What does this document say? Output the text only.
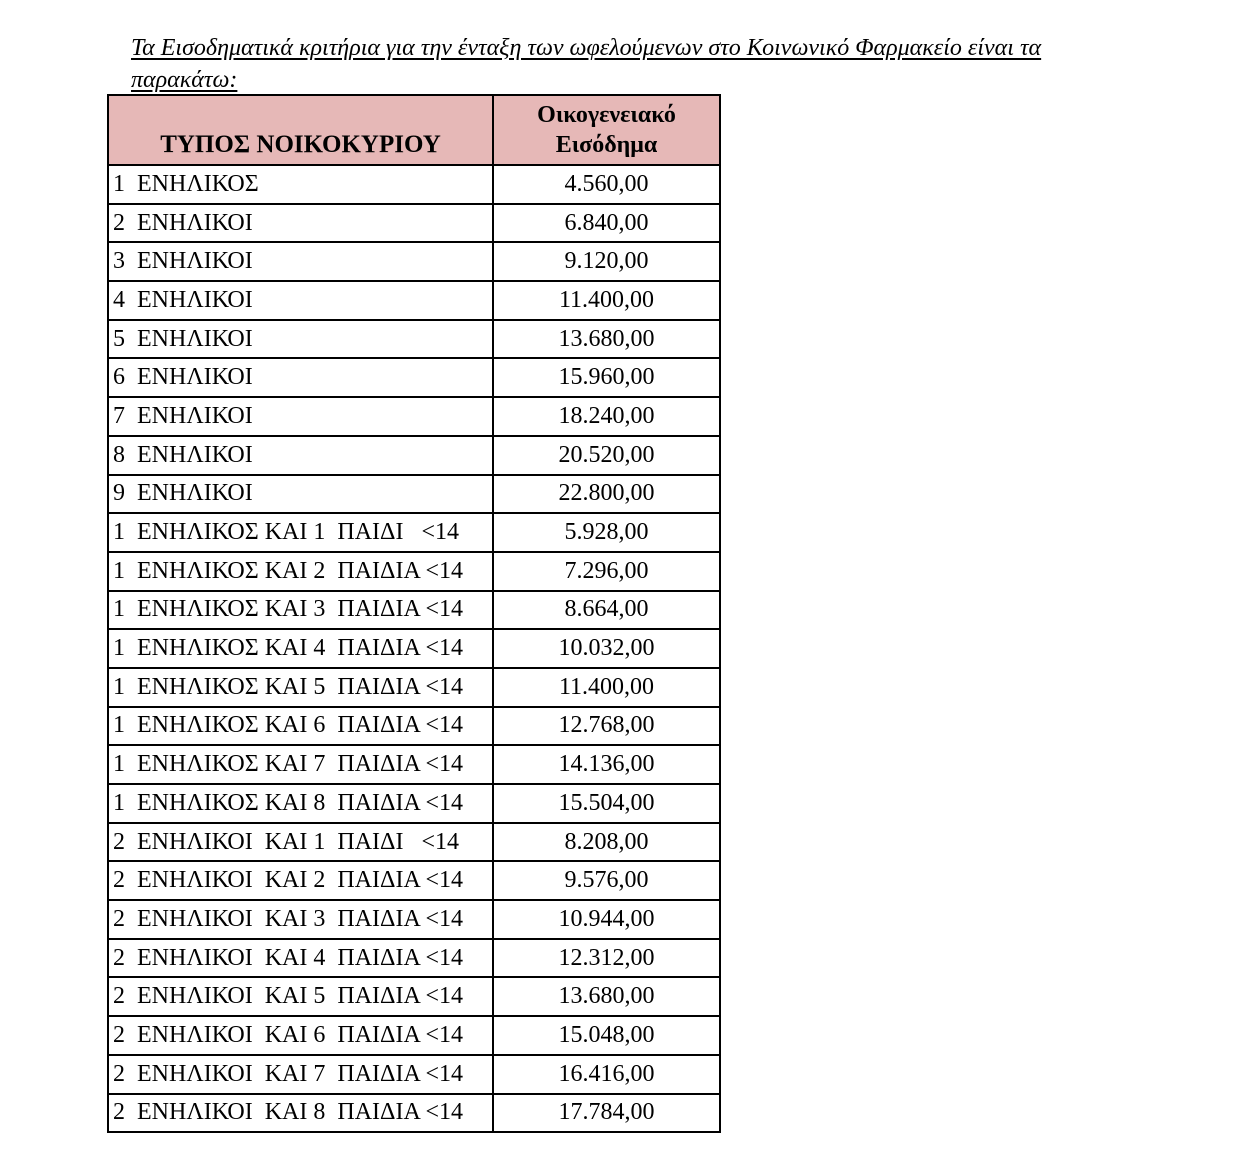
Τα Εισοδηματικά κριτήρια για την ένταξη των ωφελούμενων στο Κοινωνικό Φαρμακείο είναι τα
παρακάτω:
ΤΥΠΟΣ ΝΟΙΚΟΚΥΡΙΟΥ	Οικογενειακό
Εισόδημα
1  ΕΝΗΛΙΚΟΣ	4.560,00
2  ΕΝΗΛΙΚΟΙ	6.840,00
3  ΕΝΗΛΙΚΟΙ	9.120,00
4  ΕΝΗΛΙΚΟΙ	11.400,00
5  ΕΝΗΛΙΚΟΙ	13.680,00
6  ΕΝΗΛΙΚΟΙ	15.960,00
7  ΕΝΗΛΙΚΟΙ	18.240,00
8  ΕΝΗΛΙΚΟΙ	20.520,00
9  ΕΝΗΛΙΚΟΙ	22.800,00
1  ΕΝΗΛΙΚΟΣ ΚΑΙ 1  ΠΑΙΔΙ   <14	5.928,00
1  ΕΝΗΛΙΚΟΣ ΚΑΙ 2  ΠΑΙΔΙΑ <14	7.296,00
1  ΕΝΗΛΙΚΟΣ ΚΑΙ 3  ΠΑΙΔΙΑ <14	8.664,00
1  ΕΝΗΛΙΚΟΣ ΚΑΙ 4  ΠΑΙΔΙΑ <14	10.032,00
1  ΕΝΗΛΙΚΟΣ ΚΑΙ 5  ΠΑΙΔΙΑ <14	11.400,00
1  ΕΝΗΛΙΚΟΣ ΚΑΙ 6  ΠΑΙΔΙΑ <14	12.768,00
1  ΕΝΗΛΙΚΟΣ ΚΑΙ 7  ΠΑΙΔΙΑ <14	14.136,00
1  ΕΝΗΛΙΚΟΣ ΚΑΙ 8  ΠΑΙΔΙΑ <14	15.504,00
2  ΕΝΗΛΙΚΟΙ  ΚΑΙ 1  ΠΑΙΔΙ   <14	8.208,00
2  ΕΝΗΛΙΚΟΙ  ΚΑΙ 2  ΠΑΙΔΙΑ <14	9.576,00
2  ΕΝΗΛΙΚΟΙ  ΚΑΙ 3  ΠΑΙΔΙΑ <14	10.944,00
2  ΕΝΗΛΙΚΟΙ  ΚΑΙ 4  ΠΑΙΔΙΑ <14	12.312,00
2  ΕΝΗΛΙΚΟΙ  ΚΑΙ 5  ΠΑΙΔΙΑ <14	13.680,00
2  ΕΝΗΛΙΚΟΙ  ΚΑΙ 6  ΠΑΙΔΙΑ <14	15.048,00
2  ΕΝΗΛΙΚΟΙ  ΚΑΙ 7  ΠΑΙΔΙΑ <14	16.416,00
2  ΕΝΗΛΙΚΟΙ  ΚΑΙ 8  ΠΑΙΔΙΑ <14	17.784,00
